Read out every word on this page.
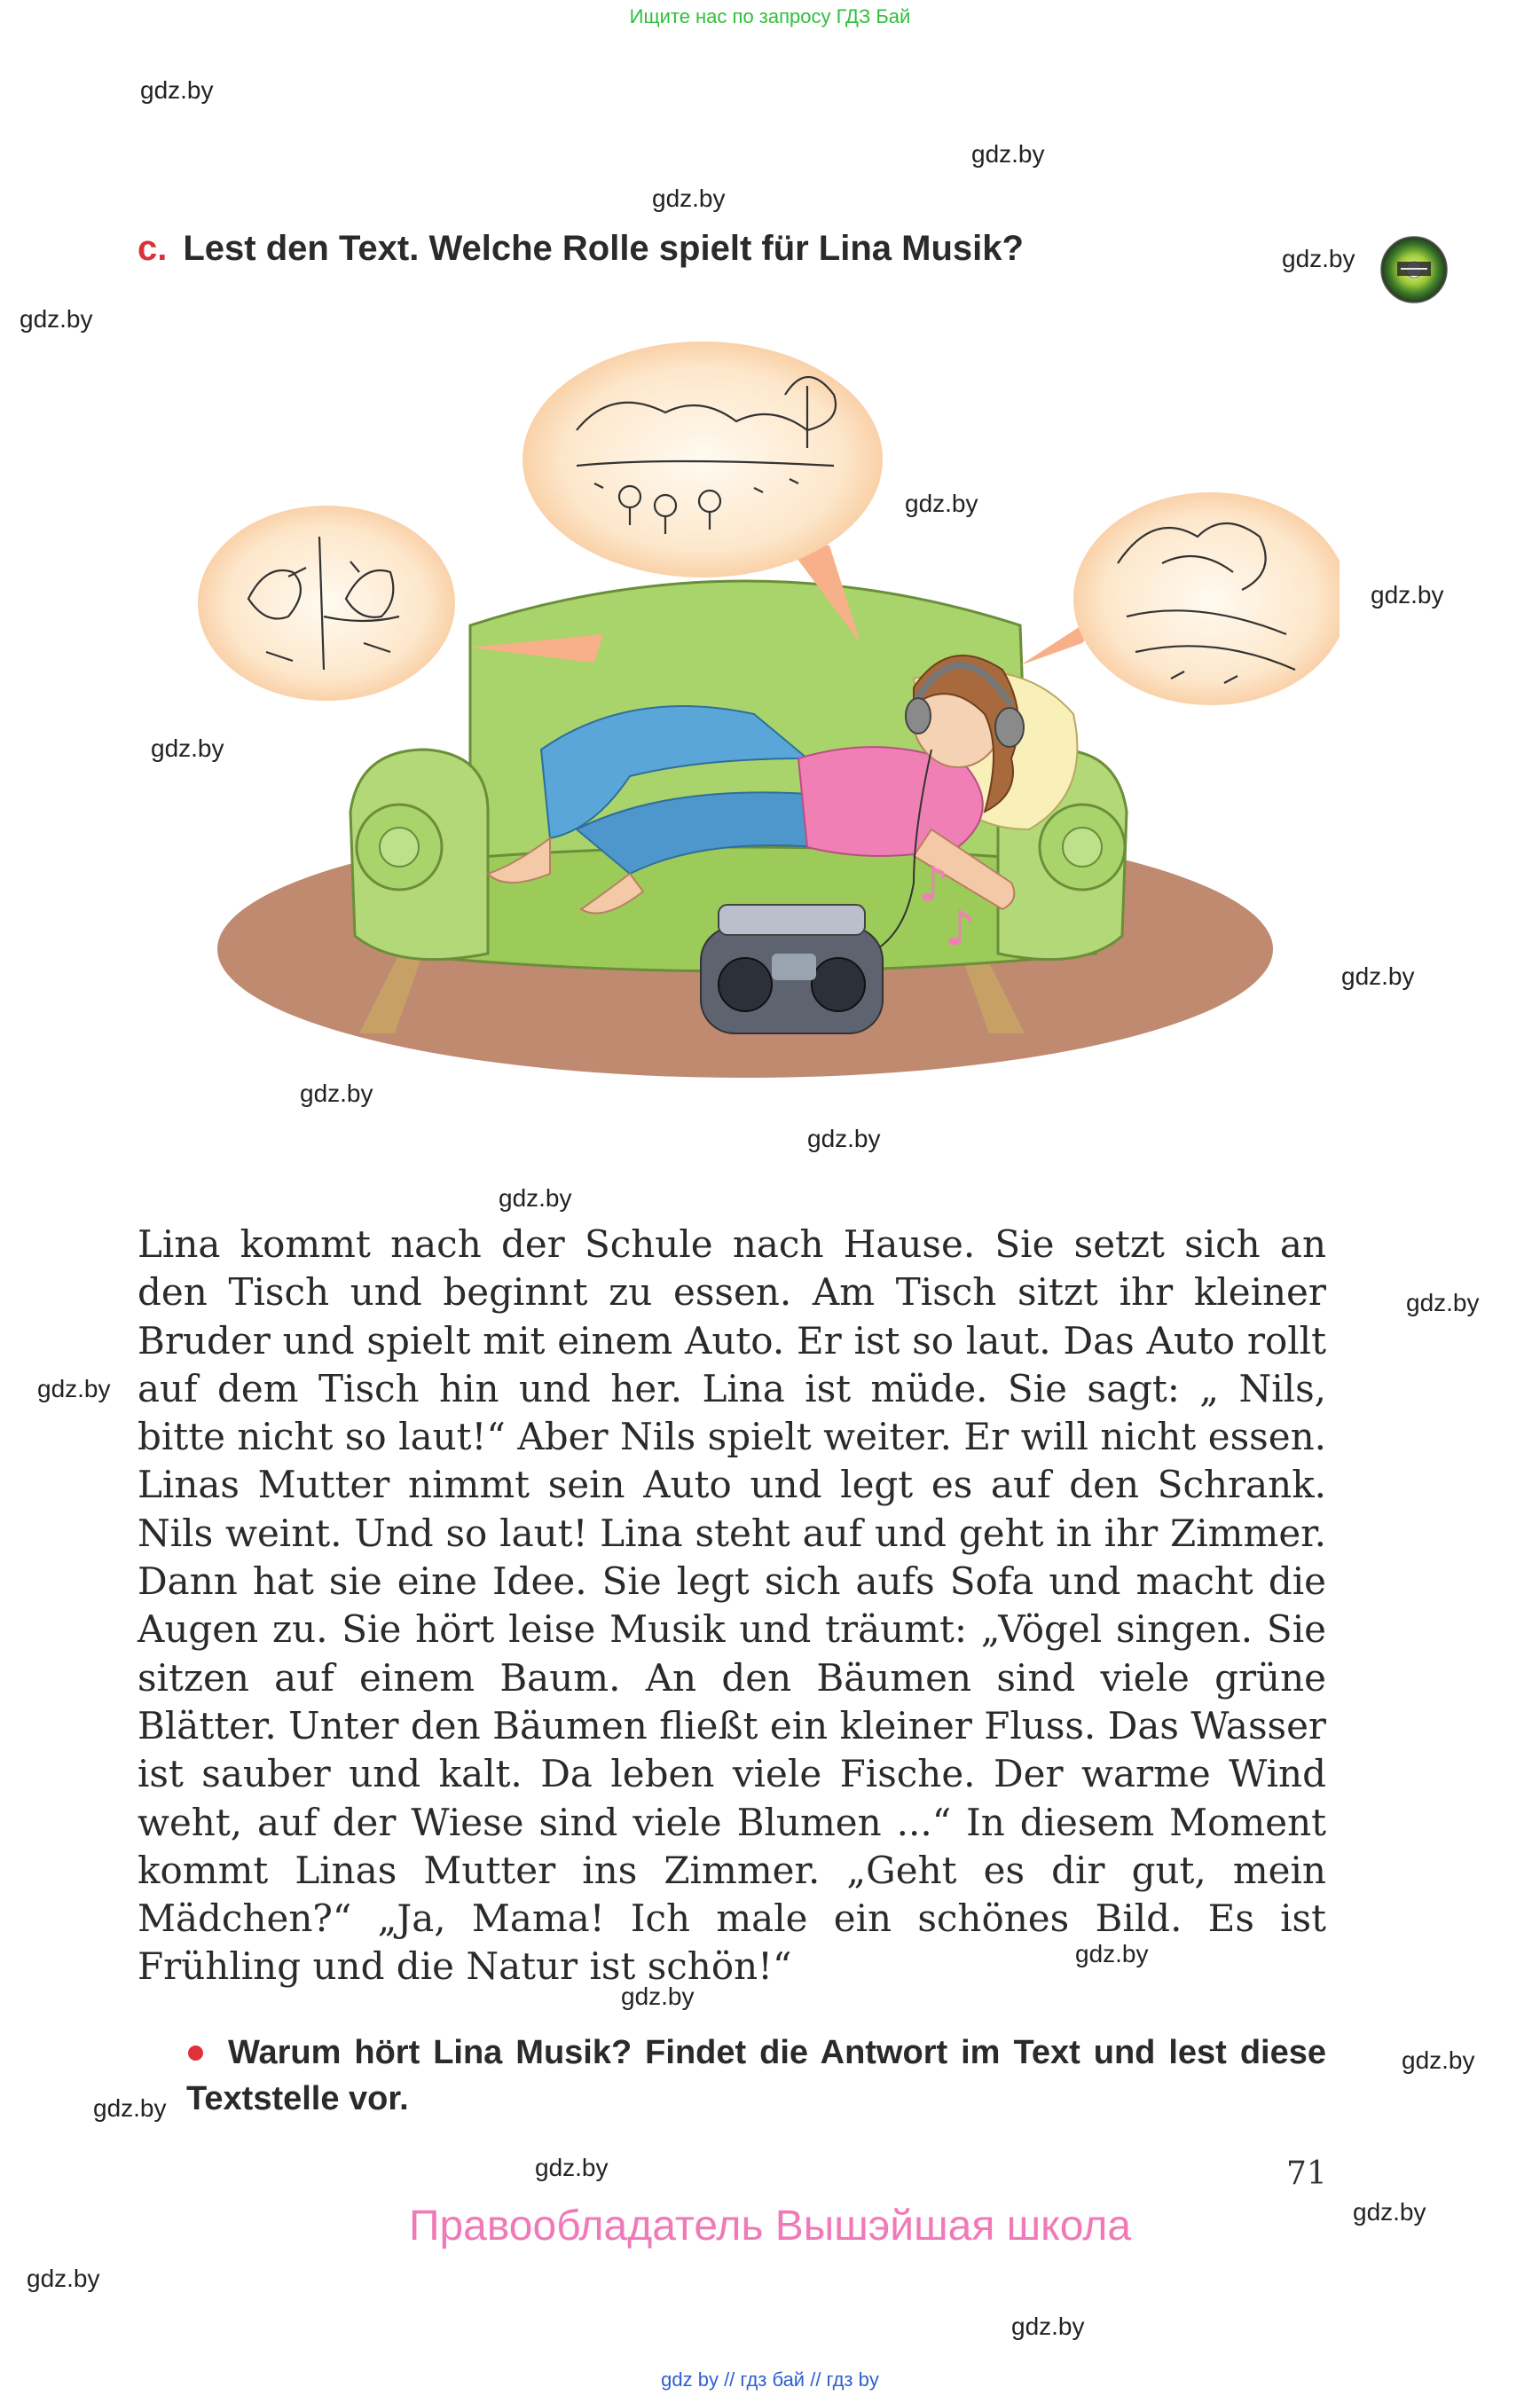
Ищите нас по запросу ГДЗ Бай
gdz.by
gdz.by
gdz.by
gdz.by
gdz.by
gdz.by
gdz.by
gdz.by
gdz.by
gdz.by
gdz.by
gdz.by
gdz.by
gdz.by
gdz.by
gdz.by
gdz.by
gdz.by
gdz.by
gdz.by
gdz.by
gdz.by
c. Lest den Text. Welche Rolle spielt für Lina Musik?
♪
♪

Lina kommt nach der Schule nach Hause. Sie setzt sich an den Tisch und beginnt zu essen. Am Tisch sitzt ihr kleiner Bruder und spielt mit einem Auto. Er ist so laut. Das Auto rollt auf dem Tisch hin und her. Lina ist müde. Sie sagt: „ Nils, bitte nicht so laut!“ Aber Nils spielt weiter. Er will nicht essen. Linas Mutter nimmt sein Auto und legt es auf den Schrank. Nils weint. Und so laut! Lina steht auf und geht in ihr Zimmer. Dann hat sie eine Idee. Sie legt sich aufs Sofa und macht die Augen zu. Sie hört leise Musik und träumt: „Vögel singen. Sie sitzen auf einem Baum. An den Bäumen sind viele grüne Blätter. Unter den Bäumen fließt ein kleiner Fluss. Das Wasser ist sauber und kalt. Da leben viele Fische. Der warme Wind weht, auf der Wiese sind viele Blumen ...“ In diesem Moment kommt Linas Mutter ins Zimmer. „Geht es dir gut, mein Mädchen?“ „Ja, Mama! Ich male ein schönes Bild. Es ist Frühling und die Natur ist schön!“

Warum hört Lina Musik? Findet die Antwort im Text und lest diese Textstelle vor.
71
Правообладатель Вышэйшая школа
gdz by // гдз бай // гдз by
